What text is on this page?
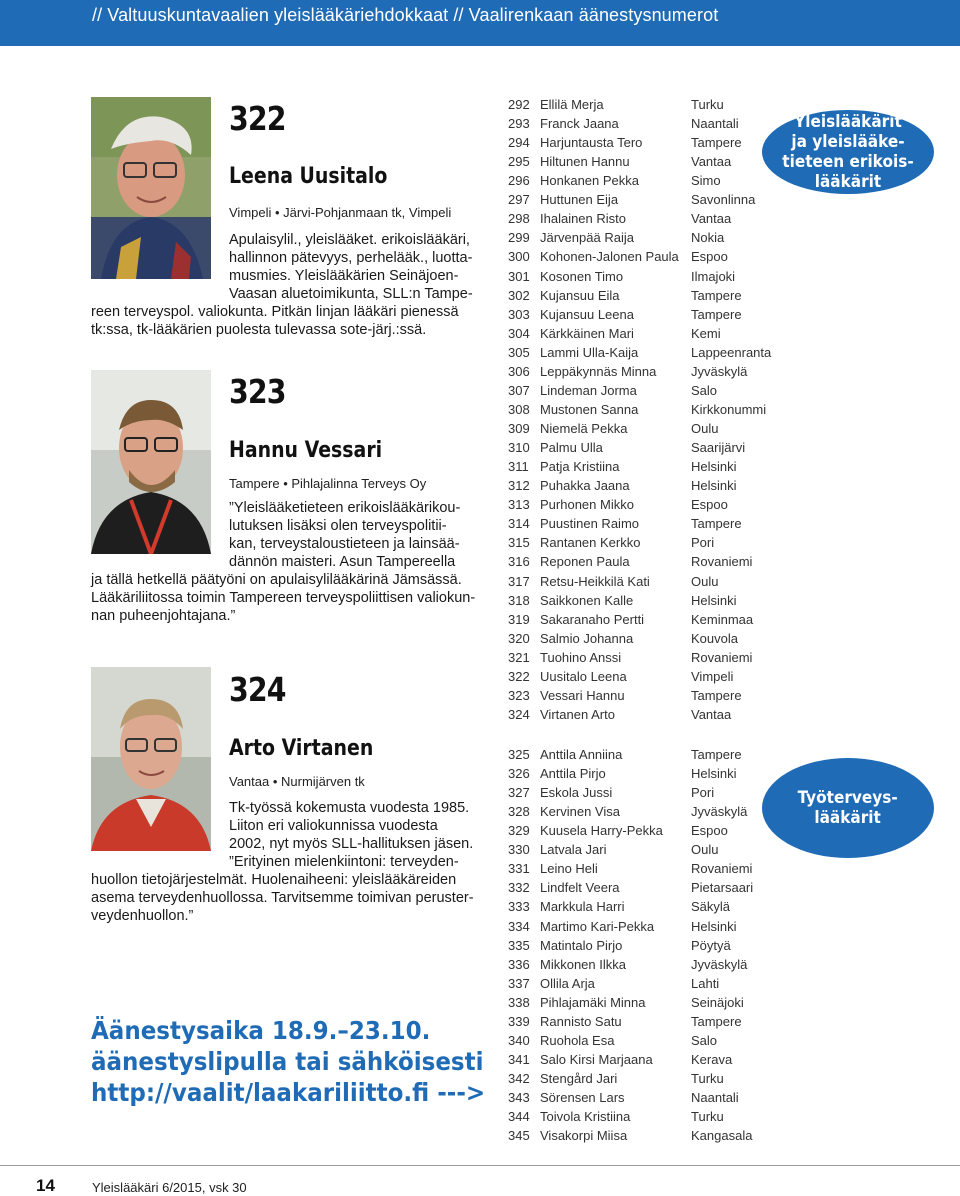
// Valtuuskuntavaalien yleislääkäriehdokkaat // Vaalirenkaan äänestysnumerot
322
Leena Uusitalo
Vimpeli • Järvi-Pohjanmaan tk, Vimpeli
Apulaisylil., yleislääket. erikoislääkäri,
hallinnon pätevyys, perhelääk., luotta-
musmies. Yleislääkärien Seinäjoen-
Vaasan aluetoimikunta, SLL:n Tampe-
reen terveyspol. valiokunta. Pitkän linjan lääkäri pienessä
tk:ssa, tk-lääkärien puolesta tulevassa sote-järj.:ssä.
323
Hannu Vessari
Tampere • Pihlajalinna Terveys Oy
”Yleislääketieteen erikoislääkärikou-
lutuksen lisäksi olen terveyspolitii-
kan, terveystaloustieteen ja lainsää-
dännön maisteri. Asun Tampereella
ja tällä hetkellä päätyöni on apulaisylilääkärinä Jämsässä.
Lääkäriliitossa toimin Tampereen terveyspoliittisen valiokun-
nan puheenjohtajana.”
324
Arto Virtanen
Vantaa • Nurmijärven tk
Tk-työssä kokemusta vuodesta 1985.
Liiton eri valiokunnissa vuodesta
2002, nyt myös SLL-hallituksen jäsen.
”Erityinen mielenkiintoni: terveyden-
huollon tietojärjestelmät. Huolenaiheeni: yleislääkäreiden
asema terveydenhuollossa. Tarvitsemme toimivan peruster-
veydenhuollon.”
Äänestysaika 18.9.–23.10.
äänestyslipulla tai sähköisesti
http://vaalit/laakariliitto.fi --->
Yleislääkärit
ja yleislääke-
tieteen erikois-
lääkärit
292 Ellilä Merja	Turku
293 Franck Jaana	Naantali
294 Harjuntausta Tero	Tampere
295 Hiltunen Hannu	Vantaa
296 Honkanen Pekka	Simo
297 Huttunen Eija	Savonlinna
298 Ihalainen Risto	Vantaa
299 Järvenpää Raija	Nokia
300 Kohonen-Jalonen Paula Espoo
301 Kosonen Timo	Ilmajoki
302 Kujansuu Eila	Tampere
303 Kujansuu Leena	Tampere
304 Kärkkäinen Mari	Kemi
305 Lammi Ulla-Kaija	Lappeenranta
306 Leppäkynnäs Minna	Jyväskylä
307 Lindeman Jorma	Salo
308 Mustonen Sanna	Kirkkonummi
309 Niemelä Pekka	Oulu
310 Palmu Ulla	Saarijärvi
311 Patja Kristiina	Helsinki
312 Puhakka Jaana	Helsinki
313 Purhonen Mikko	Espoo
314 Puustinen Raimo	Tampere
315 Rantanen Kerkko	Pori
316 Reponen Paula	Rovaniemi
317 Retsu-Heikkilä Kati	Oulu
318 Saikkonen Kalle	Helsinki
319 Sakaranaho Pertti	Keminmaa
320 Salmio Johanna	Kouvola
321 Tuohino Anssi	Rovaniemi
322 Uusitalo Leena	Vimpeli
323 Vessari Hannu	Tampere
324 Virtanen Arto	Vantaa
Työterveys-
lääkärit
325 Anttila Anniina	Tampere
326 Anttila Pirjo	Helsinki
327 Eskola Jussi	Pori
328 Kervinen Visa	Jyväskylä
329 Kuusela Harry-Pekka Espoo
330 Latvala Jari	Oulu
331 Leino Heli	Rovaniemi
332 Lindfelt Veera	Pietarsaari
333 Markkula Harri	Säkylä
334 Martimo Kari-Pekka	Helsinki
335 Matintalo Pirjo	Pöytyä
336 Mikkonen Ilkka	Jyväskylä
337 Ollila Arja	Lahti
338 Pihlajamäki Minna	Seinäjoki
339 Rannisto Satu	Tampere
340 Ruohola Esa	Salo
341 Salo Kirsi Marjaana	Kerava
342 Stengård Jari	Turku
343 Sörensen Lars	Naantali
344 Toivola Kristiina	Turku
345 Visakorpi Miisa	Kangasala
14	Yleislääkäri 6/2015, vsk 30
